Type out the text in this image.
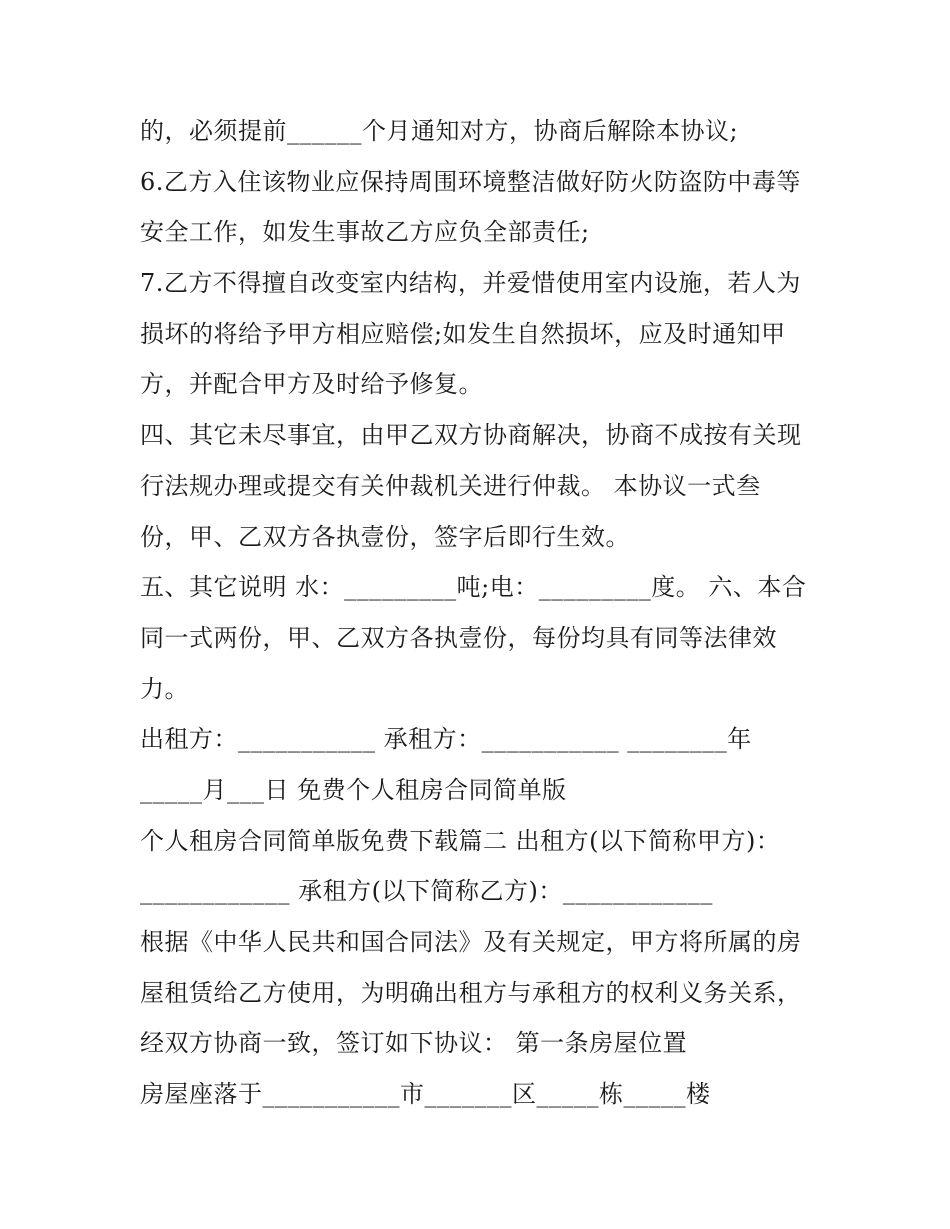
的，必须提前______个月通知对方，协商后解除本协议;
6.乙方入住该物业应保持周围环境整洁做好防火防盗防中毒等
安全工作，如发生事故乙方应负全部责任;
7.乙方不得擅自改变室内结构，并爱惜使用室内设施，若人为
损坏的将给予甲方相应赔偿;如发生自然损坏，应及时通知甲
方，并配合甲方及时给予修复。
四、其它未尽事宜，由甲乙双方协商解决，协商不成按有关现
行法规办理或提交有关仲裁机关进行仲裁。 本协议一式叁
份，甲、乙双方各执壹份，签字后即行生效。
五、其它说明 水：_________吨;电：_________度。 六、本合
同一式两份，甲、乙双方各执壹份，每份均具有同等法律效
力。
出租方：___________ 承租方：___________ ________年
_____月___日 免费个人租房合同简单版
个人租房合同简单版免费下载篇二 出租方(以下简称甲方)：
____________ 承租方(以下简称乙方)：____________
根据《中华人民共和国合同法》及有关规定，甲方将所属的房
屋租赁给乙方使用，为明确出租方与承租方的权利义务关系，
经双方协商一致，签订如下协议： 第一条房屋位置
房屋座落于___________市_______区_____栋_____楼
